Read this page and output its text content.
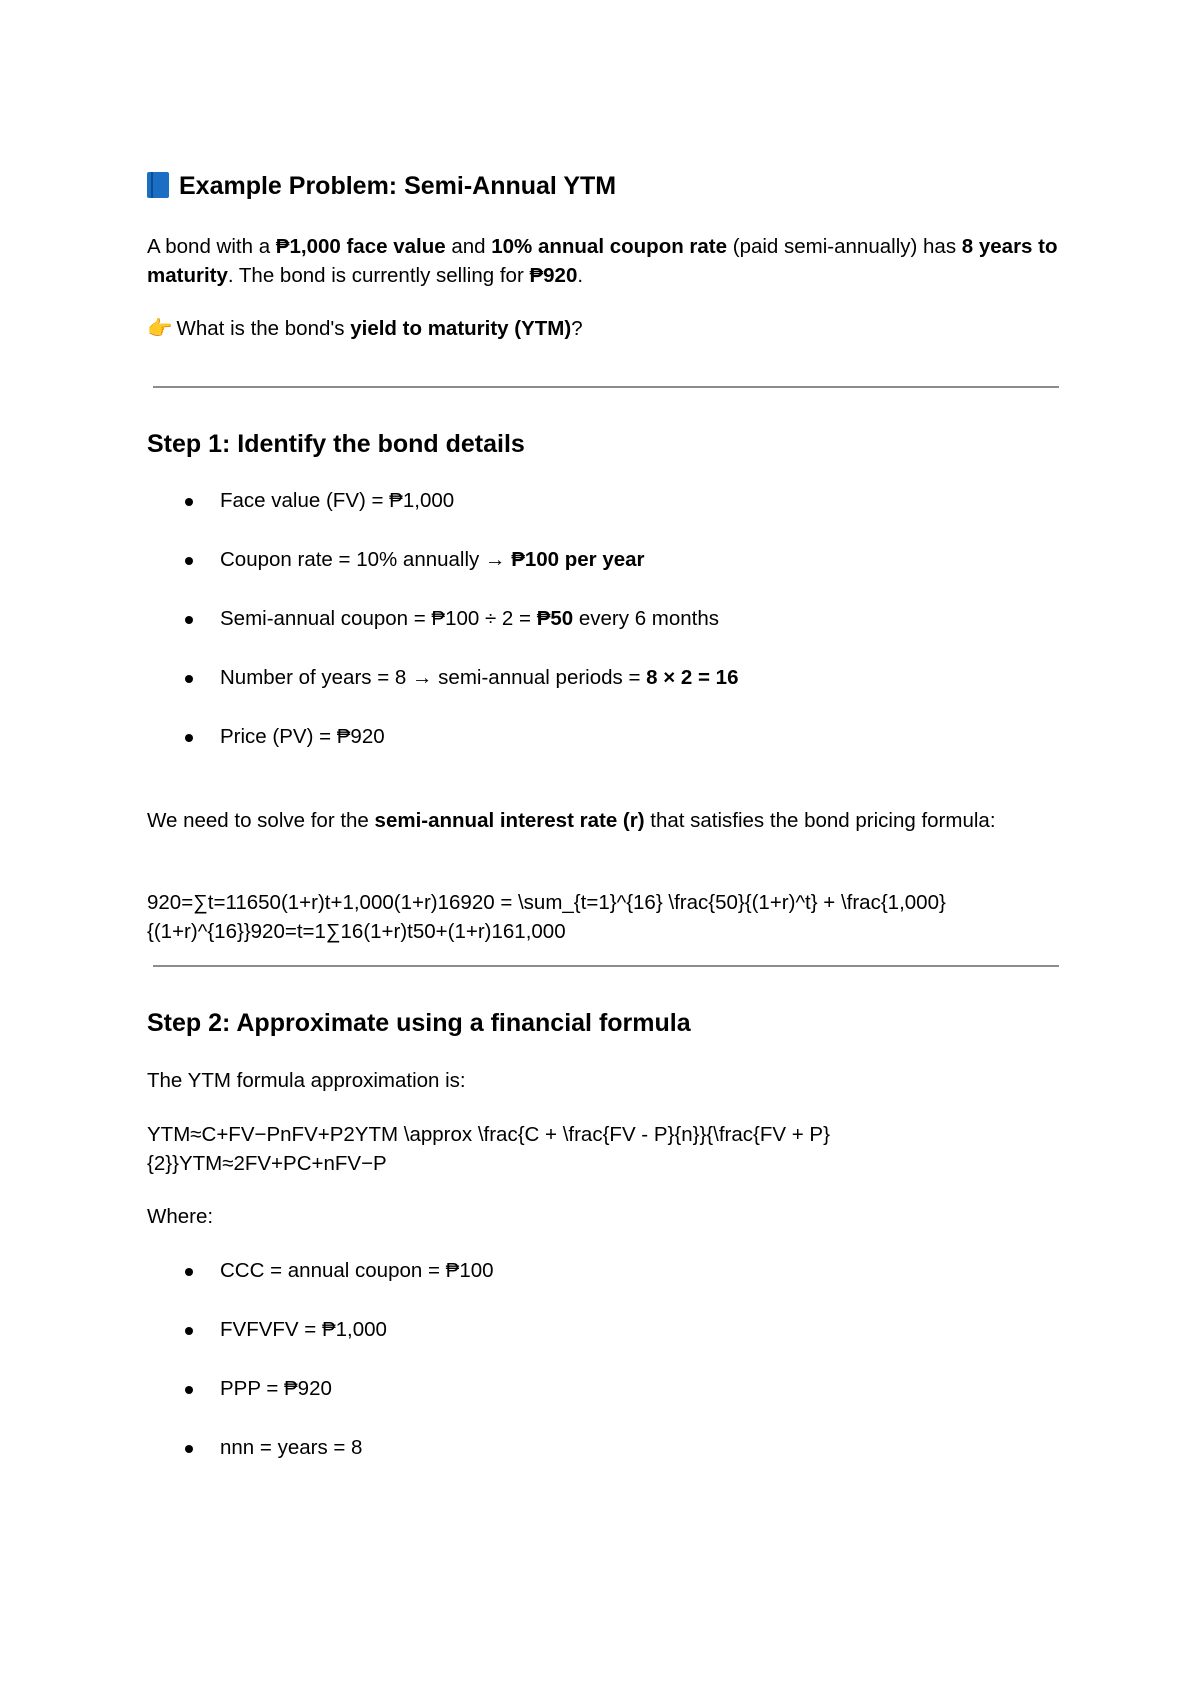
Example Problem: Semi-Annual YTM

A bond with a ₱1,000 face value and 10% annual coupon rate (paid semi-annually) has 8 years to maturity. The bond is currently selling for ₱920.

👉 What is the bond's yield to maturity (YTM)?

Step 1: Identify the bond details
Face value (FV) = ₱1,000
Coupon rate = 10% annually → ₱100 per year
Semi-annual coupon = ₱100 ÷ 2 = ₱50 every 6 months
Number of years = 8 → semi-annual periods = 8 × 2 = 16
Price (PV) = ₱920

We need to solve for the semi-annual interest rate (r) that satisfies the bond pricing formula:

920=∑t=11650(1+r)t+1,000(1+r)16920 = \sum_{t=1}^{16} \frac{50}{(1+r)^t} + \frac{1,000}{(1+r)^{16}}920=t=1∑16(1+r)t50+(1+r)161,000

Step 2: Approximate using a financial formula

The YTM formula approximation is:

YTM≈C+FV−PnFV+P2YTM \approx \frac{C + \frac{FV - P}{n}}{\frac{FV + P}{2}}YTM≈2FV+PC+nFV−P

Where:

CCC = annual coupon = ₱100
FVFVFV = ₱1,000
PPP = ₱920
nnn = years = 8
